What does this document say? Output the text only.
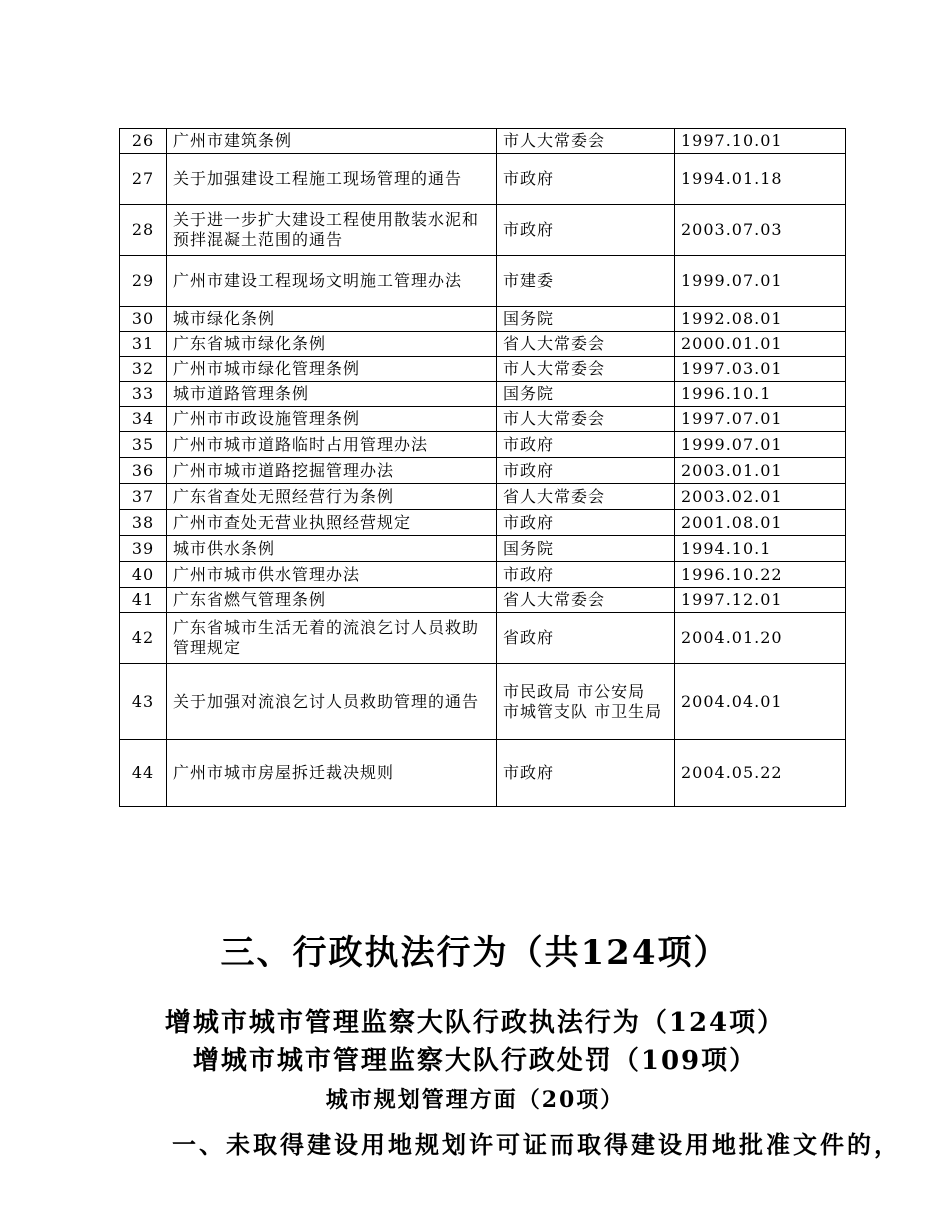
26	广州市建筑条例	市人大常委会	1997.10.01
27	关于加强建设工程施工现场管理的通告	市政府	1994.01.18
28	关于进一步扩大建设工程使用散装水泥和预拌混凝土范围的通告	市政府	2003.07.03
29	广州市建设工程现场文明施工管理办法	市建委	1999.07.01
30	城市绿化条例	国务院	1992.08.01
31	广东省城市绿化条例	省人大常委会	2000.01.01
32	广州市城市绿化管理条例	市人大常委会	1997.03.01
33	城市道路管理条例	国务院	1996.10.1
34	广州市市政设施管理条例	市人大常委会	1997.07.01
35	广州市城市道路临时占用管理办法	市政府	1999.07.01
36	广州市城市道路挖掘管理办法	市政府	2003.01.01
37	广东省查处无照经营行为条例	省人大常委会	2003.02.01
38	广州市查处无营业执照经营规定	市政府	2001.08.01
39	城市供水条例	国务院	1994.10.1
40	广州市城市供水管理办法	市政府	1996.10.22
41	广东省燃气管理条例	省人大常委会	1997.12.01
42	广东省城市生活无着的流浪乞讨人员救助管理规定	省政府	2004.01.20
43	关于加强对流浪乞讨人员救助管理的通告	市民政局 市公安局 市城管支队 市卫生局	2004.04.01
44	广州市城市房屋拆迁裁决规则	市政府	2004.05.22
三、行政执法行为（共124项）
增城市城市管理监察大队行政执法行为（124项）
增城市城市管理监察大队行政处罚（109项）
城市规划管理方面（20项）
一、未取得建设用地规划许可证而取得建设用地批准文件的，
